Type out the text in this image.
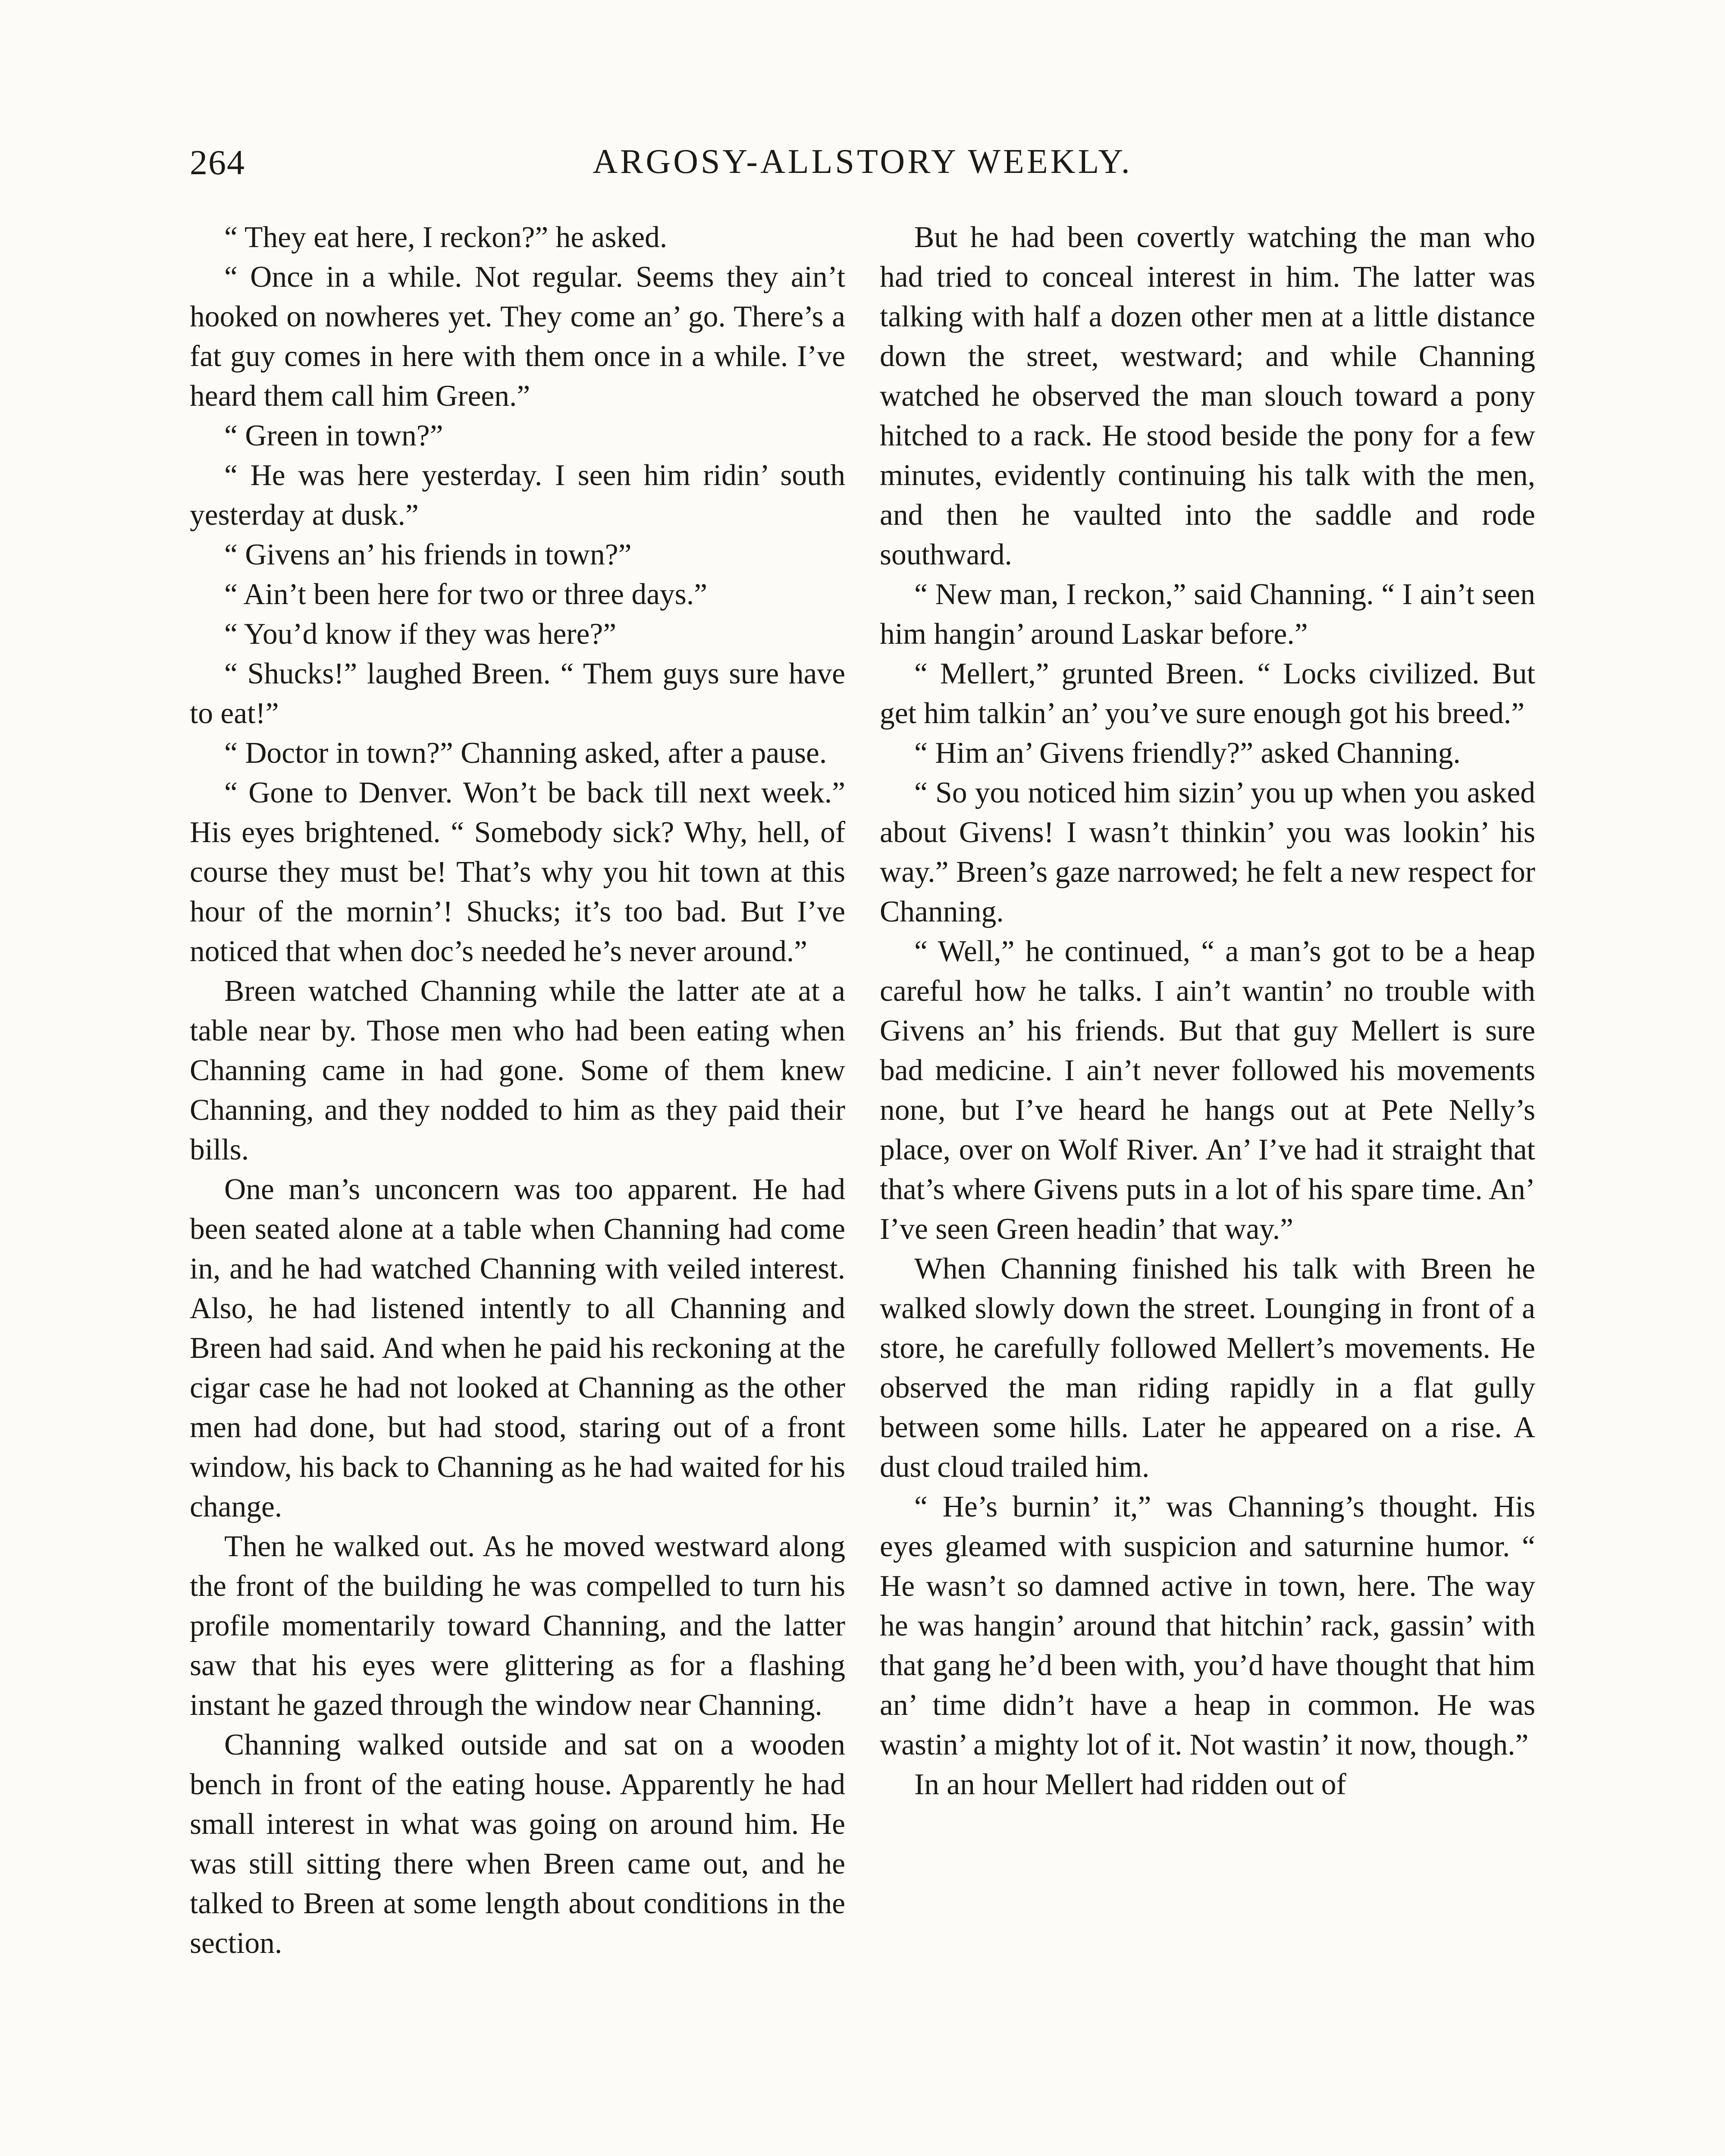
264	ARGOSY-ALLSTORY WEEKLY.

“ They eat here, I reckon?” he asked.

“ Once in a while. Not regular. Seems they ain’t hooked on nowheres yet. They come an’ go. There’s a fat guy comes in here with them once in a while. I’ve heard them call him Green.”

“ Green in town?”

“ He was here yesterday. I seen him ridin’ south yesterday at dusk.”

“ Givens an’ his friends in town?”

“ Ain’t been here for two or three days.”

“ You’d know if they was here?”

“ Shucks!” laughed Breen. “ Them guys sure have to eat!”

“ Doctor in town?” Channing asked, after a pause.

“ Gone to Denver. Won’t be back till next week.” His eyes brightened. “ Somebody sick? Why, hell, of course they must be! That’s why you hit town at this hour of the mornin’! Shucks; it’s too bad. But I’ve noticed that when doc’s needed he’s never around.”

Breen watched Channing while the latter ate at a table near by. Those men who had been eating when Channing came in had gone. Some of them knew Channing, and they nodded to him as they paid their bills.

One man’s unconcern was too apparent. He had been seated alone at a table when Channing had come in, and he had watched Channing with veiled interest. Also, he had listened intently to all Channing and Breen had said. And when he paid his reckoning at the cigar case he had not looked at Channing as the other men had done, but had stood, staring out of a front window, his back to Channing as he had waited for his change.

Then he walked out. As he moved westward along the front of the building he was compelled to turn his profile momentarily toward Channing, and the latter saw that his eyes were glittering as for a flashing instant he gazed through the window near Channing.

Channing walked outside and sat on a wooden bench in front of the eating house. Apparently he had small interest in what was going on around him. He was still sitting there when Breen came out, and he talked to Breen at some length about conditions in the section.

But he had been covertly watching the man who had tried to conceal interest in him. The latter was talking with half a dozen other men at a little distance down the street, westward; and while Channing watched he observed the man slouch toward a pony hitched to a rack. He stood beside the pony for a few minutes, evidently continuing his talk with the men, and then he vaulted into the saddle and rode southward.

“ New man, I reckon,” said Channing. “ I ain’t seen him hangin’ around Laskar before.”

“ Mellert,” grunted Breen. “ Locks civilized. But get him talkin’ an’ you’ve sure enough got his breed.”

“ Him an’ Givens friendly?” asked Channing.

“ So you noticed him sizin’ you up when you asked about Givens! I wasn’t thinkin’ you was lookin’ his way.” Breen’s gaze narrowed; he felt a new respect for Channing.

“ Well,” he continued, “ a man’s got to be a heap careful how he talks. I ain’t wantin’ no trouble with Givens an’ his friends. But that guy Mellert is sure bad medicine. I ain’t never followed his movements none, but I’ve heard he hangs out at Pete Nelly’s place, over on Wolf River. An’ I’ve had it straight that that’s where Givens puts in a lot of his spare time. An’ I’ve seen Green headin’ that way.”

When Channing finished his talk with Breen he walked slowly down the street. Lounging in front of a store, he carefully followed Mellert’s movements. He observed the man riding rapidly in a flat gully between some hills. Later he appeared on a rise. A dust cloud trailed him.

“ He’s burnin’ it,” was Channing’s thought. His eyes gleamed with suspicion and saturnine humor. “ He wasn’t so damned active in town, here. The way he was hangin’ around that hitchin’ rack, gassin’ with that gang he’d been with, you’d have thought that him an’ time didn’t have a heap in common. He was wastin’ a mighty lot of it. Not wastin’ it now, though.”

In an hour Mellert had ridden out of
